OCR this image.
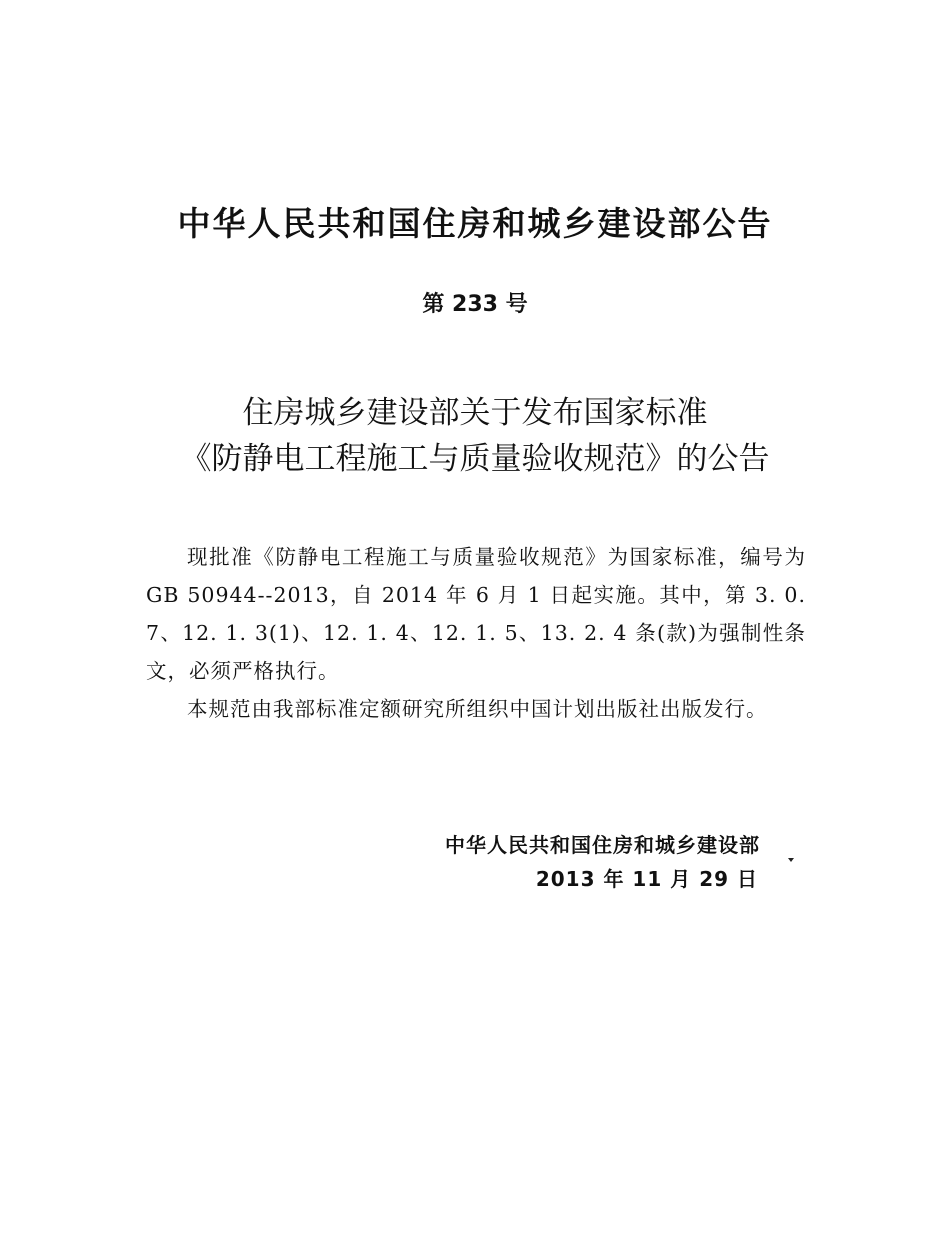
中华人民共和国住房和城乡建设部公告
第 233 号
住房城乡建设部关于发布国家标准
《防静电工程施工与质量验收规范》的公告

现批准《防静电工程施工与质量验收规范》为国家标准，编号为 GB 50944--2013，自 2014 年 6 月 1 日起实施。其中，第 3. 0. 7、12. 1. 3(1)、12. 1. 4、12. 1. 5、13. 2. 4 条(款)为强制性条文，必须严格执行。

本规范由我部标准定额研究所组织中国计划出版社出版发行。

中华人民共和国住房和城乡建设部
2013 年 11 月 29 日
